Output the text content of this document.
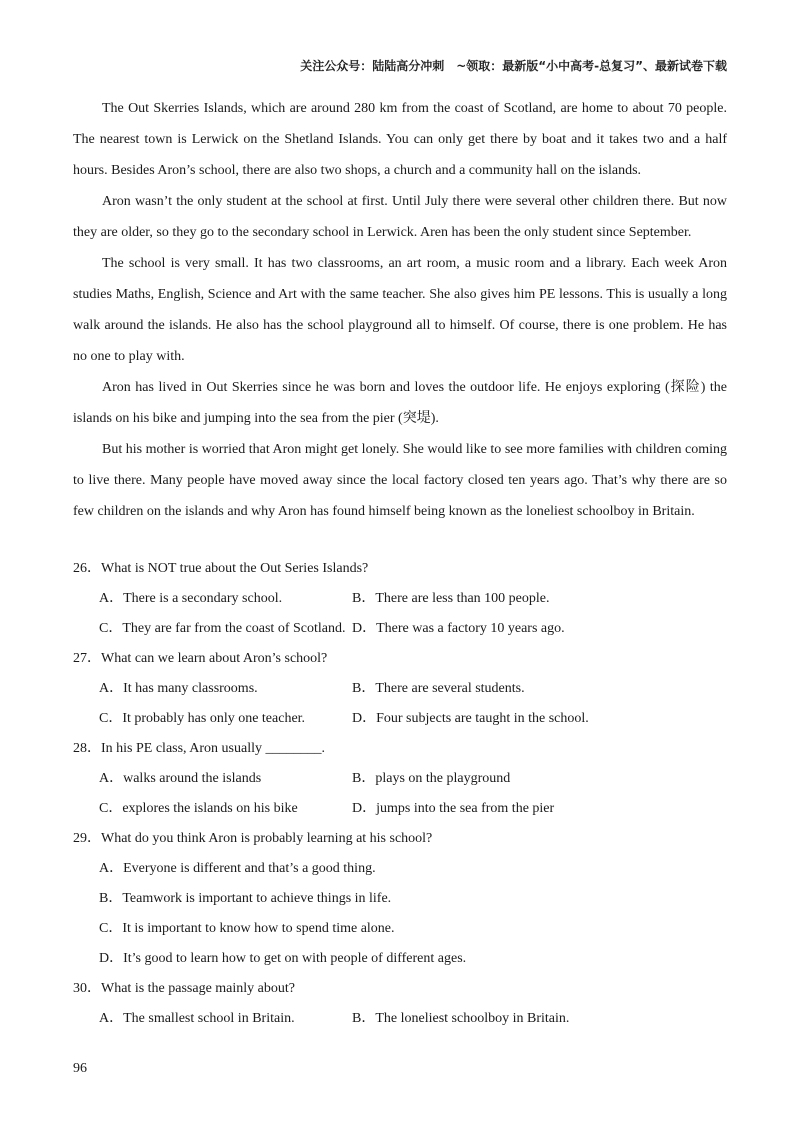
关注公众号：陆陆高分冲刺　~领取：最新版“小中高考-总复习”、最新试卷下载

The Out Skerries Islands, which are around 280 km from the coast of Scotland, are home to about 70 people. The nearest town is Lerwick on the Shetland Islands. You can only get there by boat and it takes two and a half hours. Besides Aron’s school, there are also two shops, a church and a community hall on the islands.

Aron wasn’t the only student at the school at first. Until July there were several other children there. But now they are older, so they go to the secondary school in Lerwick. Aren has been the only student since September.

The school is very small. It has two classrooms, an art room, a music room and a library. Each week Aron studies Maths, English, Science and Art with the same teacher. She also gives him PE lessons. This is usually a long walk around the islands. He also has the school playground all to himself. Of course, there is one problem. He has no one to play with.

Aron has lived in Out Skerries since he was born and loves the outdoor life. He enjoys exploring (探险) the islands on his bike and jumping into the sea from the pier (突堤).

But his mother is worried that Aron might get lonely. She would like to see more families with children coming to live there. Many people have moved away since the local factory closed ten years ago. That’s why there are so few children on the islands and why Aron has found himself being known as the loneliest schoolboy in Britain.

26．What is NOT true about the Out Series Islands?
A．There is a secondary school.	B．There are less than 100 people.
C．They are far from the coast of Scotland. D．There was a factory 10 years ago.
27．What can we learn about Aron’s school?
A．It has many classrooms.	B．There are several students.
C．It probably has only one teacher.	D．Four subjects are taught in the school.
28．In his PE class, Aron usually ________.
A．walks around the islands	B．plays on the playground
C．explores the islands on his bike	D．jumps into the sea from the pier
29．What do you think Aron is probably learning at his school?
A．Everyone is different and that’s a good thing.
B．Teamwork is important to achieve things in life.
C．It is important to know how to spend time alone.
D．It’s good to learn how to get on with people of different ages.
30．What is the passage mainly about?
A．The smallest school in Britain.	B．The loneliest schoolboy in Britain.
96
